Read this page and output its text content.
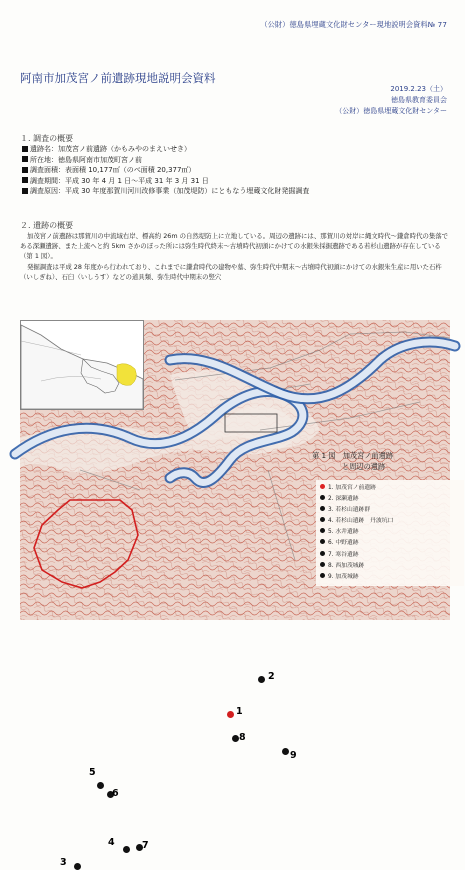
（公財）徳島県埋蔵文化財センター現地説明会資料№ 77
阿南市加茂宮ノ前遺跡現地説明会資料
2019.2.23（土）
徳島県教育委員会
（公財）徳島県埋蔵文化財センター
１. 調査の概要
遺跡名：加茂宮ノ前遺跡（かもみやのまえいせき）
所在地：徳島県阿南市加茂町宮ノ前
調査面積：表面積 10,177㎡（のべ面積 20,377㎡）
調査期間：平成 30 年 4 月 1 日～平成 31 年 3 月 31 日
調査原因：平成 30 年度那賀川河川改修事業（加茂堤防）にともなう埋蔵文化財発掘調査
２. 遺跡の概要
加茂宮ノ前遺跡は那賀川の中流域右岸、標高約 26m の自然堤防上に立地している。周辺の遺跡には、那賀川の対岸に縄文時代～鎌倉時代の集落である深瀬遺跡、また上流へと約 5km さかのぼった所には弥生時代終末～古墳時代初頭にかけての水銀朱採掘遺跡である若杉山遺跡が存在している（第 1 図）。
発掘調査は平成 28 年度から行われており、これまでに鎌倉時代の建物や墓、弥生時代中期末～古墳時代初頭にかけての水銀朱生産に用いた石杵（いしぎね）、石臼（いしうす）などの道具類、弥生時代中期末の竪穴
1
2
3
4
5
6
7
8
9
第 1 図　加茂宮ノ前遺跡
と周辺の遺跡
1. 加茂宮ノ前遺跡
2. 深瀬遺跡
3. 若杉山遺跡群
4. 若杉山遺跡　丹波坑口
5. 水井遺跡
6. 中野遺跡
7. 寒谷遺跡
8. 西加茂城跡
9. 加茂城跡
